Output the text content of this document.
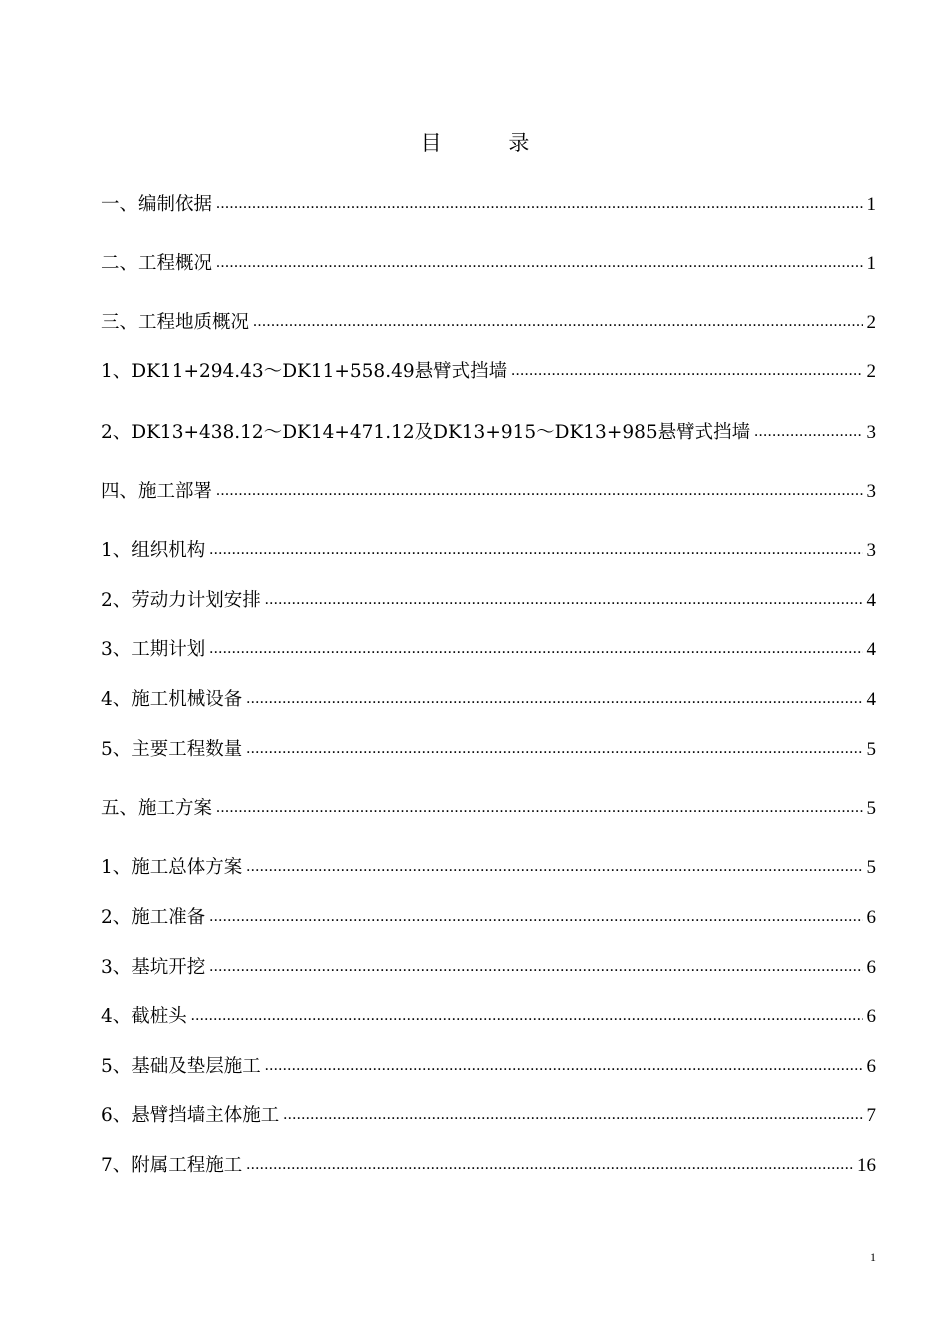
目 录
一、编制依据 .....	1
二、工程概况 .....	1
三、工程地质概况 .....	2
1、DK11+294.43～DK11+558.49悬臂式挡墙 .....	2
2、DK13+438.12～DK14+471.12及DK13+915～DK13+985悬臂式挡墙 .....	3
四、施工部署 .....	3
1、组织机构 .....	3
2、劳动力计划安排 .....	4
3、工期计划 .....	4
4、施工机械设备 .....	4
5、主要工程数量 .....	5
五、施工方案 .....	5
1、施工总体方案 .....	5
2、施工准备 .....	6
3、基坑开挖 .....	6
4、截桩头 .....	6
5、基础及垫层施工 .....	6
6、悬臂挡墙主体施工 .....	7
7、附属工程施工 .....	16
1
